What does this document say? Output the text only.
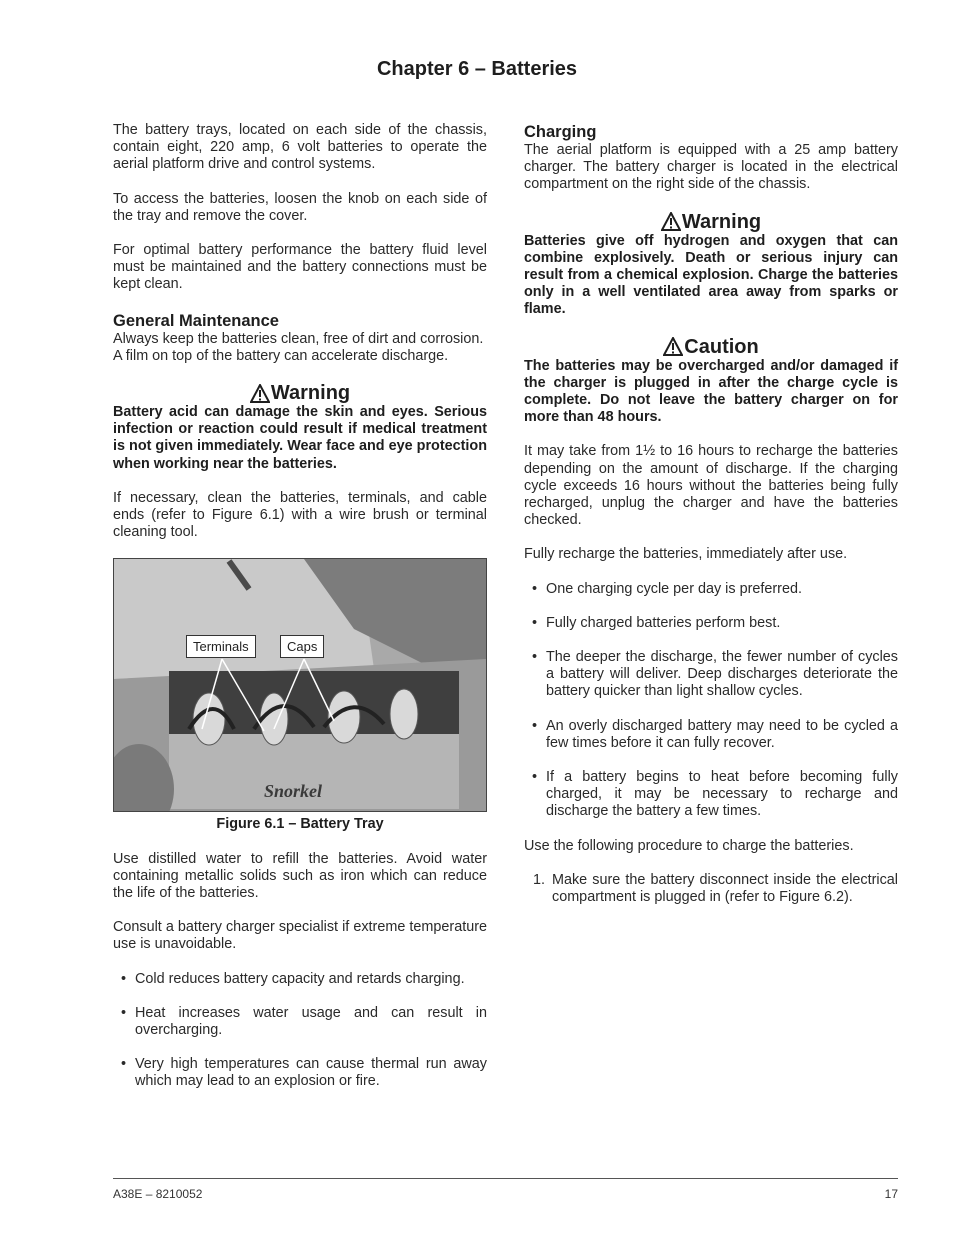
Chapter 6 – Batteries

The battery trays, located on each side of the chassis, contain eight, 220 amp, 6 volt batteries to operate the aerial platform drive and control systems.

To access the batteries, loosen the knob on each side of the tray and remove the cover.

For optimal battery performance the battery fluid level must be maintained and the battery connections must be kept clean.

General Maintenance

Always keep the batteries clean, free of dirt and corrosion. A film on top of the battery can accelerate discharge.

Warning

Battery acid can damage the skin and eyes. Serious infection or reaction could result if medical treatment is not given immediately. Wear face and eye protection when working near the batteries.

If necessary, clean the batteries, terminals, and cable ends (refer to Figure 6.1) with a wire brush or terminal cleaning tool.

Snorkel
Terminals	Caps
Figure 6.1 – Battery Tray

Use distilled water to refill the batteries. Avoid water containing metallic solids such as iron which can reduce the life of the batteries.

Consult a battery charger specialist if extreme temperature use is unavoidable.

• Cold reduces battery capacity and retards charging.
• Heat increases water usage and can result in overcharging.
• Very high temperatures can cause thermal run away which may lead to an explosion or fire.
Charging

The aerial platform is equipped with a 25 amp battery charger. The battery charger is located in the electrical compartment on the right side of the chassis.

Warning

Batteries give off hydrogen and oxygen that can combine explosively. Death or serious injury can result from a chemical explosion. Charge the batteries only in a well ventilated area away from sparks or flame.

Caution

The batteries may be overcharged and/or damaged if the charger is plugged in after the charge cycle is complete. Do not leave the battery charger on for more than 48 hours.

It may take from 1½ to 16 hours to recharge the batteries depending on the amount of discharge. If the charging cycle exceeds 16 hours without the batteries being fully recharged, unplug the charger and have the batteries checked.

Fully recharge the batteries, immediately after use.

• One charging cycle per day is preferred.
• Fully charged batteries perform best.
• The deeper the discharge, the fewer number of cycles a battery will deliver. Deep discharges deteriorate the battery quicker than light shallow cycles.
• An overly discharged battery may need to be cycled a few times before it can fully recover.
• If a battery begins to heat before becoming fully charged, it may be necessary to recharge and discharge the battery a few times.

Use the following procedure to charge the batteries.

1. Make sure the battery disconnect inside the electrical compartment is plugged in (refer to Figure 6.2).
A38E – 8210052	17
